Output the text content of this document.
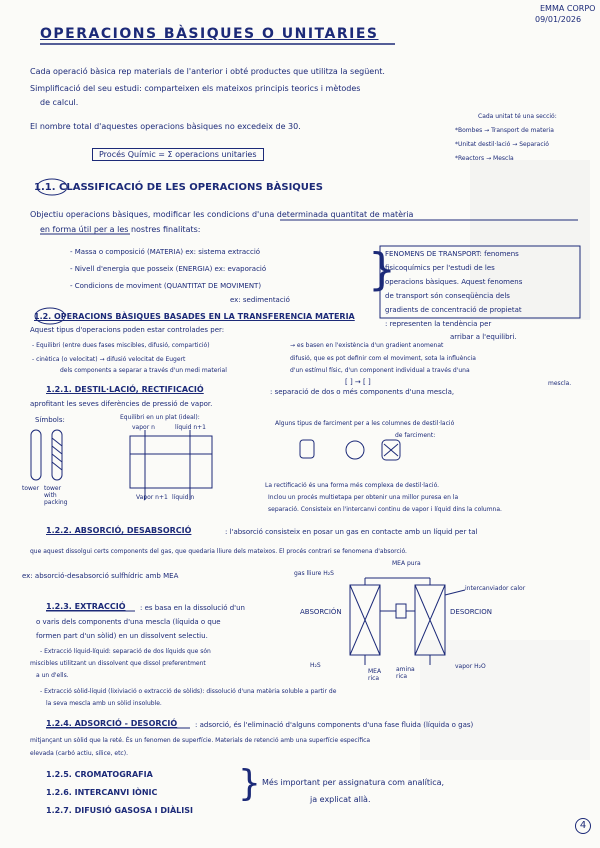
OPERACIONS BÀSIQUES O UNITARIES
EMMA CORPO
09/01/2026
Cada operació bàsica rep materials de l'anterior i obté productes que utilitza la següent.
Simplificació del seu estudi: comparteixen els mateixos principis teorics i mètodes
de calcul.
El nombre total d'aquestes operacions bàsiques no excedeix de 30.
Procés Químic = Σ operacions unitaries
Cada unitat té una secció:
*Bombes → Transport de materia
*Unitat destil·lació → Separació
*Reactors → Mescla
1.1. CLASSIFICACIÓ DE LES OPERACIONS BÀSIQUES
Objectiu operacions bàsiques, modificar les condicions d'una determinada quantitat de matèria
en forma útil per a les nostres finalitats:
- Massa o composició (MATERIA) ex: sistema extracció
- Nivell d'energia que posseix (ENERGIA) ex: evaporació
- Condicions de moviment (QUANTITAT DE MOVIMENT)
ex: sedimentació
}
FENOMENS DE TRANSPORT: fenomens
fisicoquímics per l'estudi de les
operacions bàsiques. Aquest fenomens
de transport són conseqüència dels
gradients de concentració de propietat
1.2. OPERACIONS BÀSIQUES BASADES EN LA TRANSFERENCIA MATERIA
: representen la tendència per
arribar a l'equilibri.
Aquest tipus d'operacions poden estar controlades per:
- Equilibri (entre dues fases miscibles, difusió, compartició)
- cinètica (o velocitat) → difusió velocitat de Eugert
dels components a separar a través d'un medi material
→ es basen en l'existència d'un gradient anomenat
difusió, que es pot definir com el moviment, sota la influència
d'un estímul físic, d'un component individual a través d'una
mescla.
[ ] → [ ]
1.2.1. DESTIL·LACIÓ, RECTIFICACIÓ	: separació de dos o més components d'una mescla,
aprofitant les seves diferències de pressió de vapor.
Símbols:
tower tower with packing
Equilibri en un plat (ideal):
vapor n	líquid n+1
Vapor n+1 líquid n
Alguns tipus de farciment per a les columnes de destil·lació
de farciment:
La rectificació és una forma més complexa de destil·lació.
Inclou un procés multietapa per obtenir una millor puresa en la
separació. Consisteix en l'intercanvi continu de vapor i líquid dins la columna.
1.2.2. ABSORCIÓ, DESABSORCIÓ	: l'absorció consisteix en posar un gas en contacte amb un líquid per tal
que aquest dissolgui certs components del gas, que quedaria lliure dels mateixos. El procés contrari se fenomena d'absorció.
ex: absorció-desabsorció sulfhídric amb MEA	gas lliure H₂S
MEA pura
intercanviador calor
ABSORCIÓN	DESORCION
H₂S
MEA rica
amina rica
vapor H₂O
1.2.3. EXTRACCIÓ : es basa en la dissolució d'un
o varis dels components d'una mescla (líquida o que
formen part d'un sòlid) en un dissolvent selectiu.
- Extracció líquid-líquid: separació de dos líquids que són
miscibles utilitzant un dissolvent que dissol preferentment
a un d'ells.
- Extracció sòlid-líquid (lixiviació o extracció de sòlids): dissolució d'una matèria soluble a partir de
la seva mescla amb un sòlid insoluble.
1.2.4. ADSORCIÓ - DESORCIÓ	: adsorció, és l'eliminació d'alguns components d'una fase fluida (líquida o gas)
mitjançant un sòlid que la reté. És un fenomen de superfície. Materials de retenció amb una superfície específica
elevada (carbó actiu, sílice, etc).
1.2.5. CROMATOGRAFIA
1.2.6. INTERCANVI IÒNIC
1.2.7. DIFUSIÓ GASOSA I DIÀLISI
} Més important per assignatura com analítica,
ja explicat allà.
4
